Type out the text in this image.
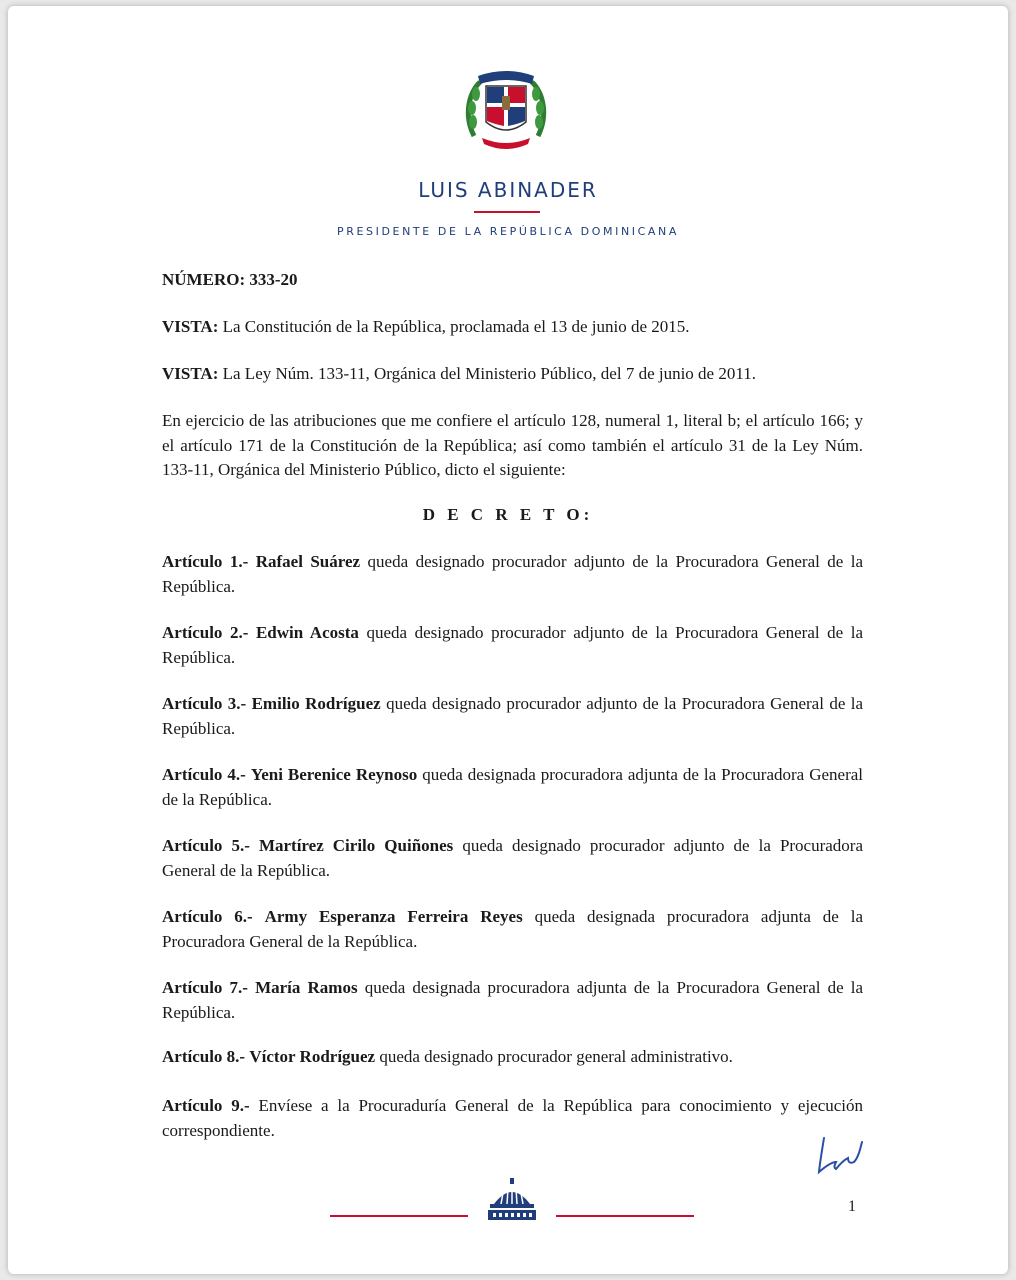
LUIS ABINADER
PRESIDENTE DE LA REPÚBLICA DOMINICANA
NÚMERO: 333-20
VISTA: La Constitución de la República, proclamada el 13 de junio de 2015.
VISTA: La Ley Núm. 133-11, Orgánica del Ministerio Público, del 7 de junio de 2011.
En ejercicio de las atribuciones que me confiere el artículo 128, numeral 1, literal b; el artículo 166; y el artículo 171 de la Constitución de la República; así como también el artículo 31 de la Ley Núm. 133-11, Orgánica del Ministerio Público, dicto el siguiente:
D E C R E T O:
Artículo 1.- Rafael Suárez queda designado procurador adjunto de la Procuradora General de la República.
Artículo 2.- Edwin Acosta queda designado procurador adjunto de la Procuradora General de la República.
Artículo 3.- Emilio Rodríguez queda designado procurador adjunto de la Procuradora General de la República.
Artículo 4.- Yeni Berenice Reynoso queda designada procuradora adjunta de la Procuradora General de la República.
Artículo 5.- Martírez Cirilo Quiñones queda designado procurador adjunto de la Procuradora General de la República.
Artículo 6.- Army Esperanza Ferreira Reyes queda designada procuradora adjunta de la Procuradora General de la República.
Artículo 7.- María Ramos queda designada procuradora adjunta de la Procuradora General de la República.
Artículo 8.- Víctor Rodríguez queda designado procurador general administrativo.
Artículo 9.- Envíese a la Procuraduría General de la República para conocimiento y ejecución correspondiente.
1
